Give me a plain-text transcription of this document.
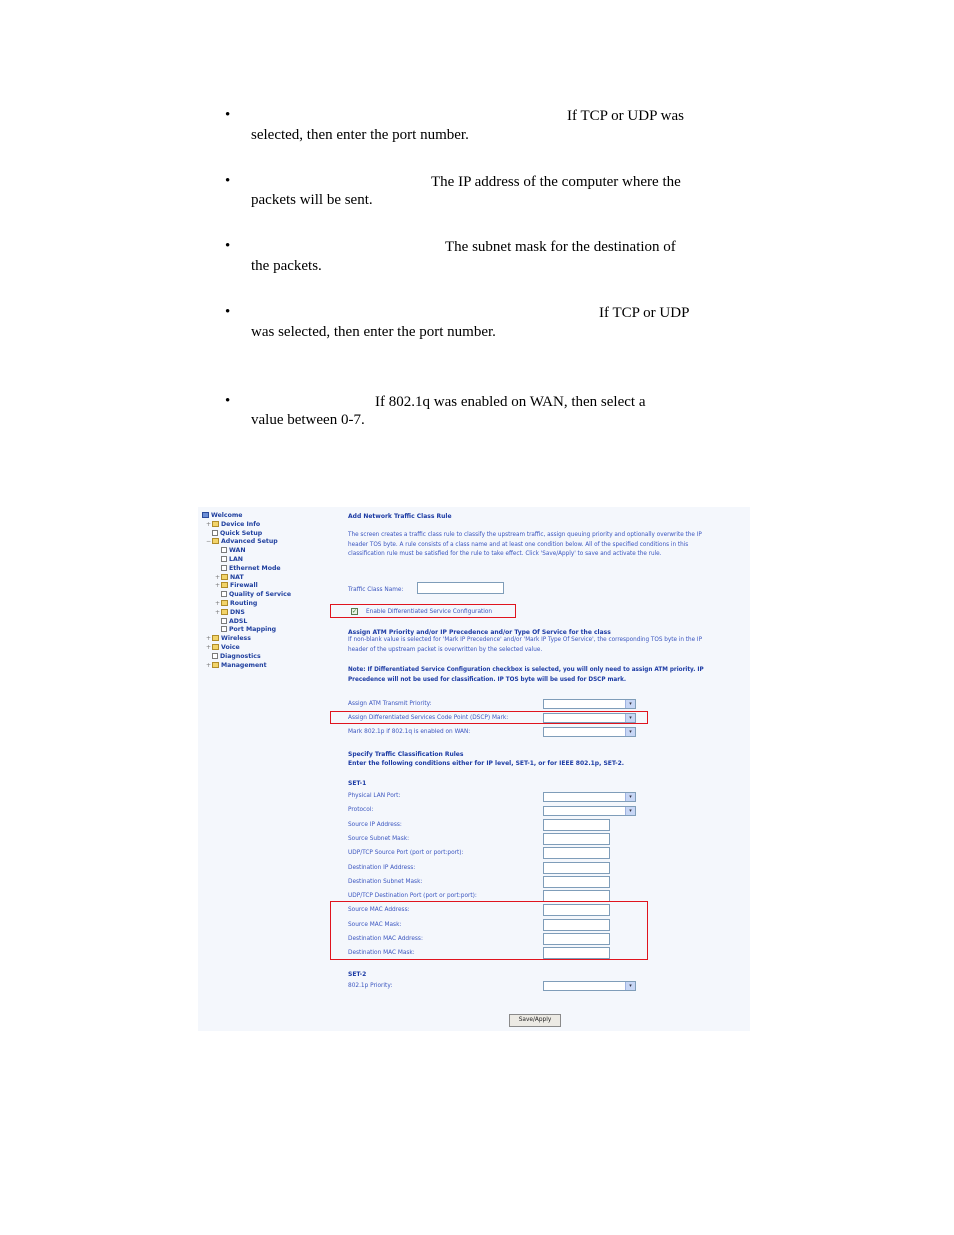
•	If TCP or UDP was
selected, then enter the port number.
•	The IP address of the computer where the
packets will be sent.
•	The subnet mask for the destination of
the packets.
•	If TCP or UDP
was selected, then enter the port number.
•	If 802.1q was enabled on WAN, then select a
value between 0-7.
Welcome
+ Device Info
Quick Setup
− Advanced Setup
WAN
LAN
Ethernet Mode
+ NAT
+ Firewall
Quality of Service
+ Routing
+ DNS
ADSL
Port Mapping
+ Wireless
+ Voice
Diagnostics
+ Management
Add Network Traffic Class Rule
The screen creates a traffic class rule to classify the upstream traffic, assign queuing priority and optionally overwrite the IP header TOS byte. A rule consists of a class name and at least one condition below. All of the specified conditions in this classification rule must be satisfied for the rule to take effect. Click 'Save/Apply' to save and activate the rule.
Traffic Class Name:
✓ Enable Differentiated Service Configuration
Assign ATM Priority and/or IP Precedence and/or Type Of Service for the class
If non-blank value is selected for 'Mark IP Precedence' and/or 'Mark IP Type Of Service', the corresponding TOS byte in the IP header of the upstream packet is overwritten by the selected value.
Note: If Differentiated Service Configuration checkbox is selected, you will only need to assign ATM priority. IP Precedence will not be used for classification. IP TOS byte will be used for DSCP mark.
Assign ATM Transmit Priority:	▾
Assign Differentiated Services Code Point (DSCP) Mark:	▾
Mark 802.1p if 802.1q is enabled on WAN:	▾
Specify Traffic Classification Rules
Enter the following conditions either for IP level, SET-1, or for IEEE 802.1p, SET-2.
SET-1
Physical LAN Port:	▾
Protocol:	▾
Source IP Address:
Source Subnet Mask:
UDP/TCP Source Port (port or port:port):
Destination IP Address:
Destination Subnet Mask:
UDP/TCP Destination Port (port or port:port):
Source MAC Address:
Source MAC Mask:
Destination MAC Address:
Destination MAC Mask:
SET-2
802.1p Priority:	▾
Save/Apply
